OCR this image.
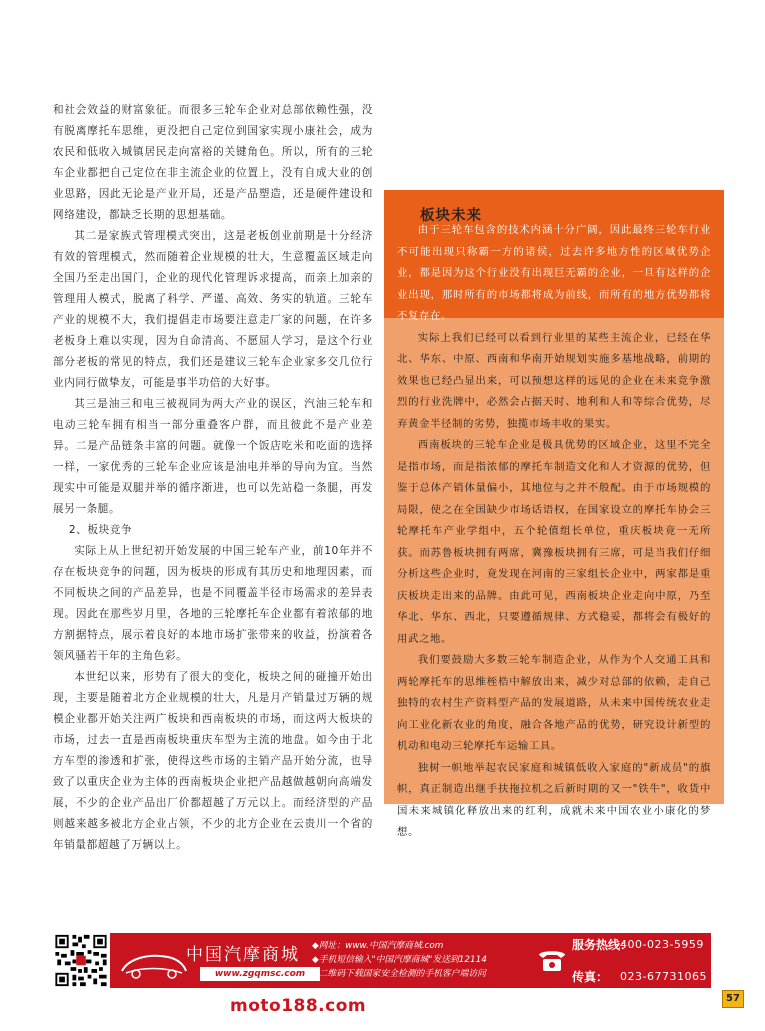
和社会效益的财富象征。而很多三轮车企业对总部依赖性强，没有脱离摩托车思维，更没把自己定位到国家实现小康社会，成为农民和低收入城镇居民走向富裕的关键角色。所以，所有的三轮车企业都把自己定位在非主流企业的位置上，没有自成大业的创业思路，因此无论是产业开局，还是产品塑造，还是硬件建设和网络建设，都缺乏长期的思想基础。

其二是家族式管理模式突出，这是老板创业前期是十分经济有效的管理模式，然而随着企业规模的壮大，生意覆盖区域走向全国乃至走出国门，企业的现代化管理诉求提高，而亲上加亲的管理用人模式，脱离了科学、严谨、高效、务实的轨道。三轮车产业的规模不大，我们提倡走市场要注意走厂家的问题，在许多老板身上难以实现，因为自命清高、不愿屈人学习，是这个行业部分老板的常见的特点，我们还是建议三轮车企业家多交几位行业内同行做挚友，可能是事半功倍的大好事。

其三是油三和电三被视同为两大产业的误区，汽油三轮车和电动三轮车拥有相当一部分重叠客户群，而且彼此不是产业差异。二是产品链条丰富的问题。就像一个饭店吃米和吃面的选择一样，一家优秀的三轮车企业应该是油电并举的导向为宜。当然现实中可能是双腿并举的循序渐进，也可以先站稳一条腿，再发展另一条腿。

2、板块竞争

实际上从上世纪初开始发展的中国三轮车产业，前10年并不存在板块竞争的问题，因为板块的形成有其历史和地理因素，而不同板块之间的产品差异，也是不同覆盖半径市场需求的差异表现。因此在那些岁月里，各地的三轮摩托车企业都有着浓郁的地方割据特点，展示着良好的本地市场扩张带来的收益，扮演着各领风骚若干年的主角色彩。

本世纪以来，形势有了很大的变化，板块之间的碰撞开始出现，主要是随着北方企业规模的壮大，凡是月产销量过万辆的规模企业都开始关注两广板块和西南板块的市场，而这两大板块的市场，过去一直是西南板块重庆车型为主流的地盘。如今由于北方车型的渗透和扩张，使得这些市场的主销产品开始分流，也导致了以重庆企业为主体的西南板块企业把产品越做越朝向高端发展，不少的企业产品出厂价都超越了万元以上。而经济型的产品则越来越多被北方企业占领，不少的北方企业在云贵川一个省的年销量都超越了万辆以上。

板块未来

由于三轮车包含的技术内涵十分广阔，因此最终三轮车行业不可能出现只称霸一方的诸侯，过去许多地方性的区域优势企业，都是因为这个行业没有出现巨无霸的企业，一旦有这样的企业出现，那时所有的市场都将成为前线，而所有的地方优势都将不复存在。

实际上我们已经可以看到行业里的某些主流企业，已经在华北、华东、中原、西南和华南开始规划实施多基地战略，前期的效果也已经凸显出来，可以预想这样的远见的企业在未来竞争激烈的行业洗牌中，必然会占据天时、地利和人和等综合优势，尽弃黄金半径制的劣势，独揽市场丰收的果实。

西南板块的三轮车企业是极具优势的区域企业，这里不完全是指市场，而是指浓郁的摩托车制造文化和人才资源的优势，但鉴于总体产销体量偏小，其地位与之并不般配。由于市场规模的局限，使之在全国缺少市场话语权，在国家设立的摩托车协会三轮摩托车产业学组中，五个轮值组长单位，重庆板块竟一无所获。而苏鲁板块拥有两席，冀豫板块拥有三席，可是当我们仔细分析这些企业时，竟发现在河南的三家组长企业中，两家都是重庆板块走出来的品牌。由此可见，西南板块企业走向中原，乃至华北、华东、西北，只要遵循规律、方式稳妥，都将会有极好的用武之地。

我们要鼓励大多数三轮车制造企业，从作为个人交通工具和两轮摩托车的思维桎梏中解放出来，减少对总部的依赖，走自己独特的农村生产资料型产品的发展道路，从未来中国传统农业走向工业化新农业的角度，融合各地产品的优势，研究设计新型的机动和电动三轮摩托车运输工具。

独树一帜地举起农民家庭和城镇低收入家庭的"新成员"的旗帜，真正制造出继手扶拖拉机之后新时期的又一"铁牛"，收货中国未来城镇化释放出来的红利，成就未来中国农业小康化的梦想。

中国汽摩商城
www.zgqmsc.com
◆网址：www.中国汽摩商城.com
◆手机短信输入"中国汽摩商城"发送到12114
◆二维码下载国家安全检测的手机客户端访问
服务热线：
400-023-5959
传真： 023-67731065
moto188.com	57
